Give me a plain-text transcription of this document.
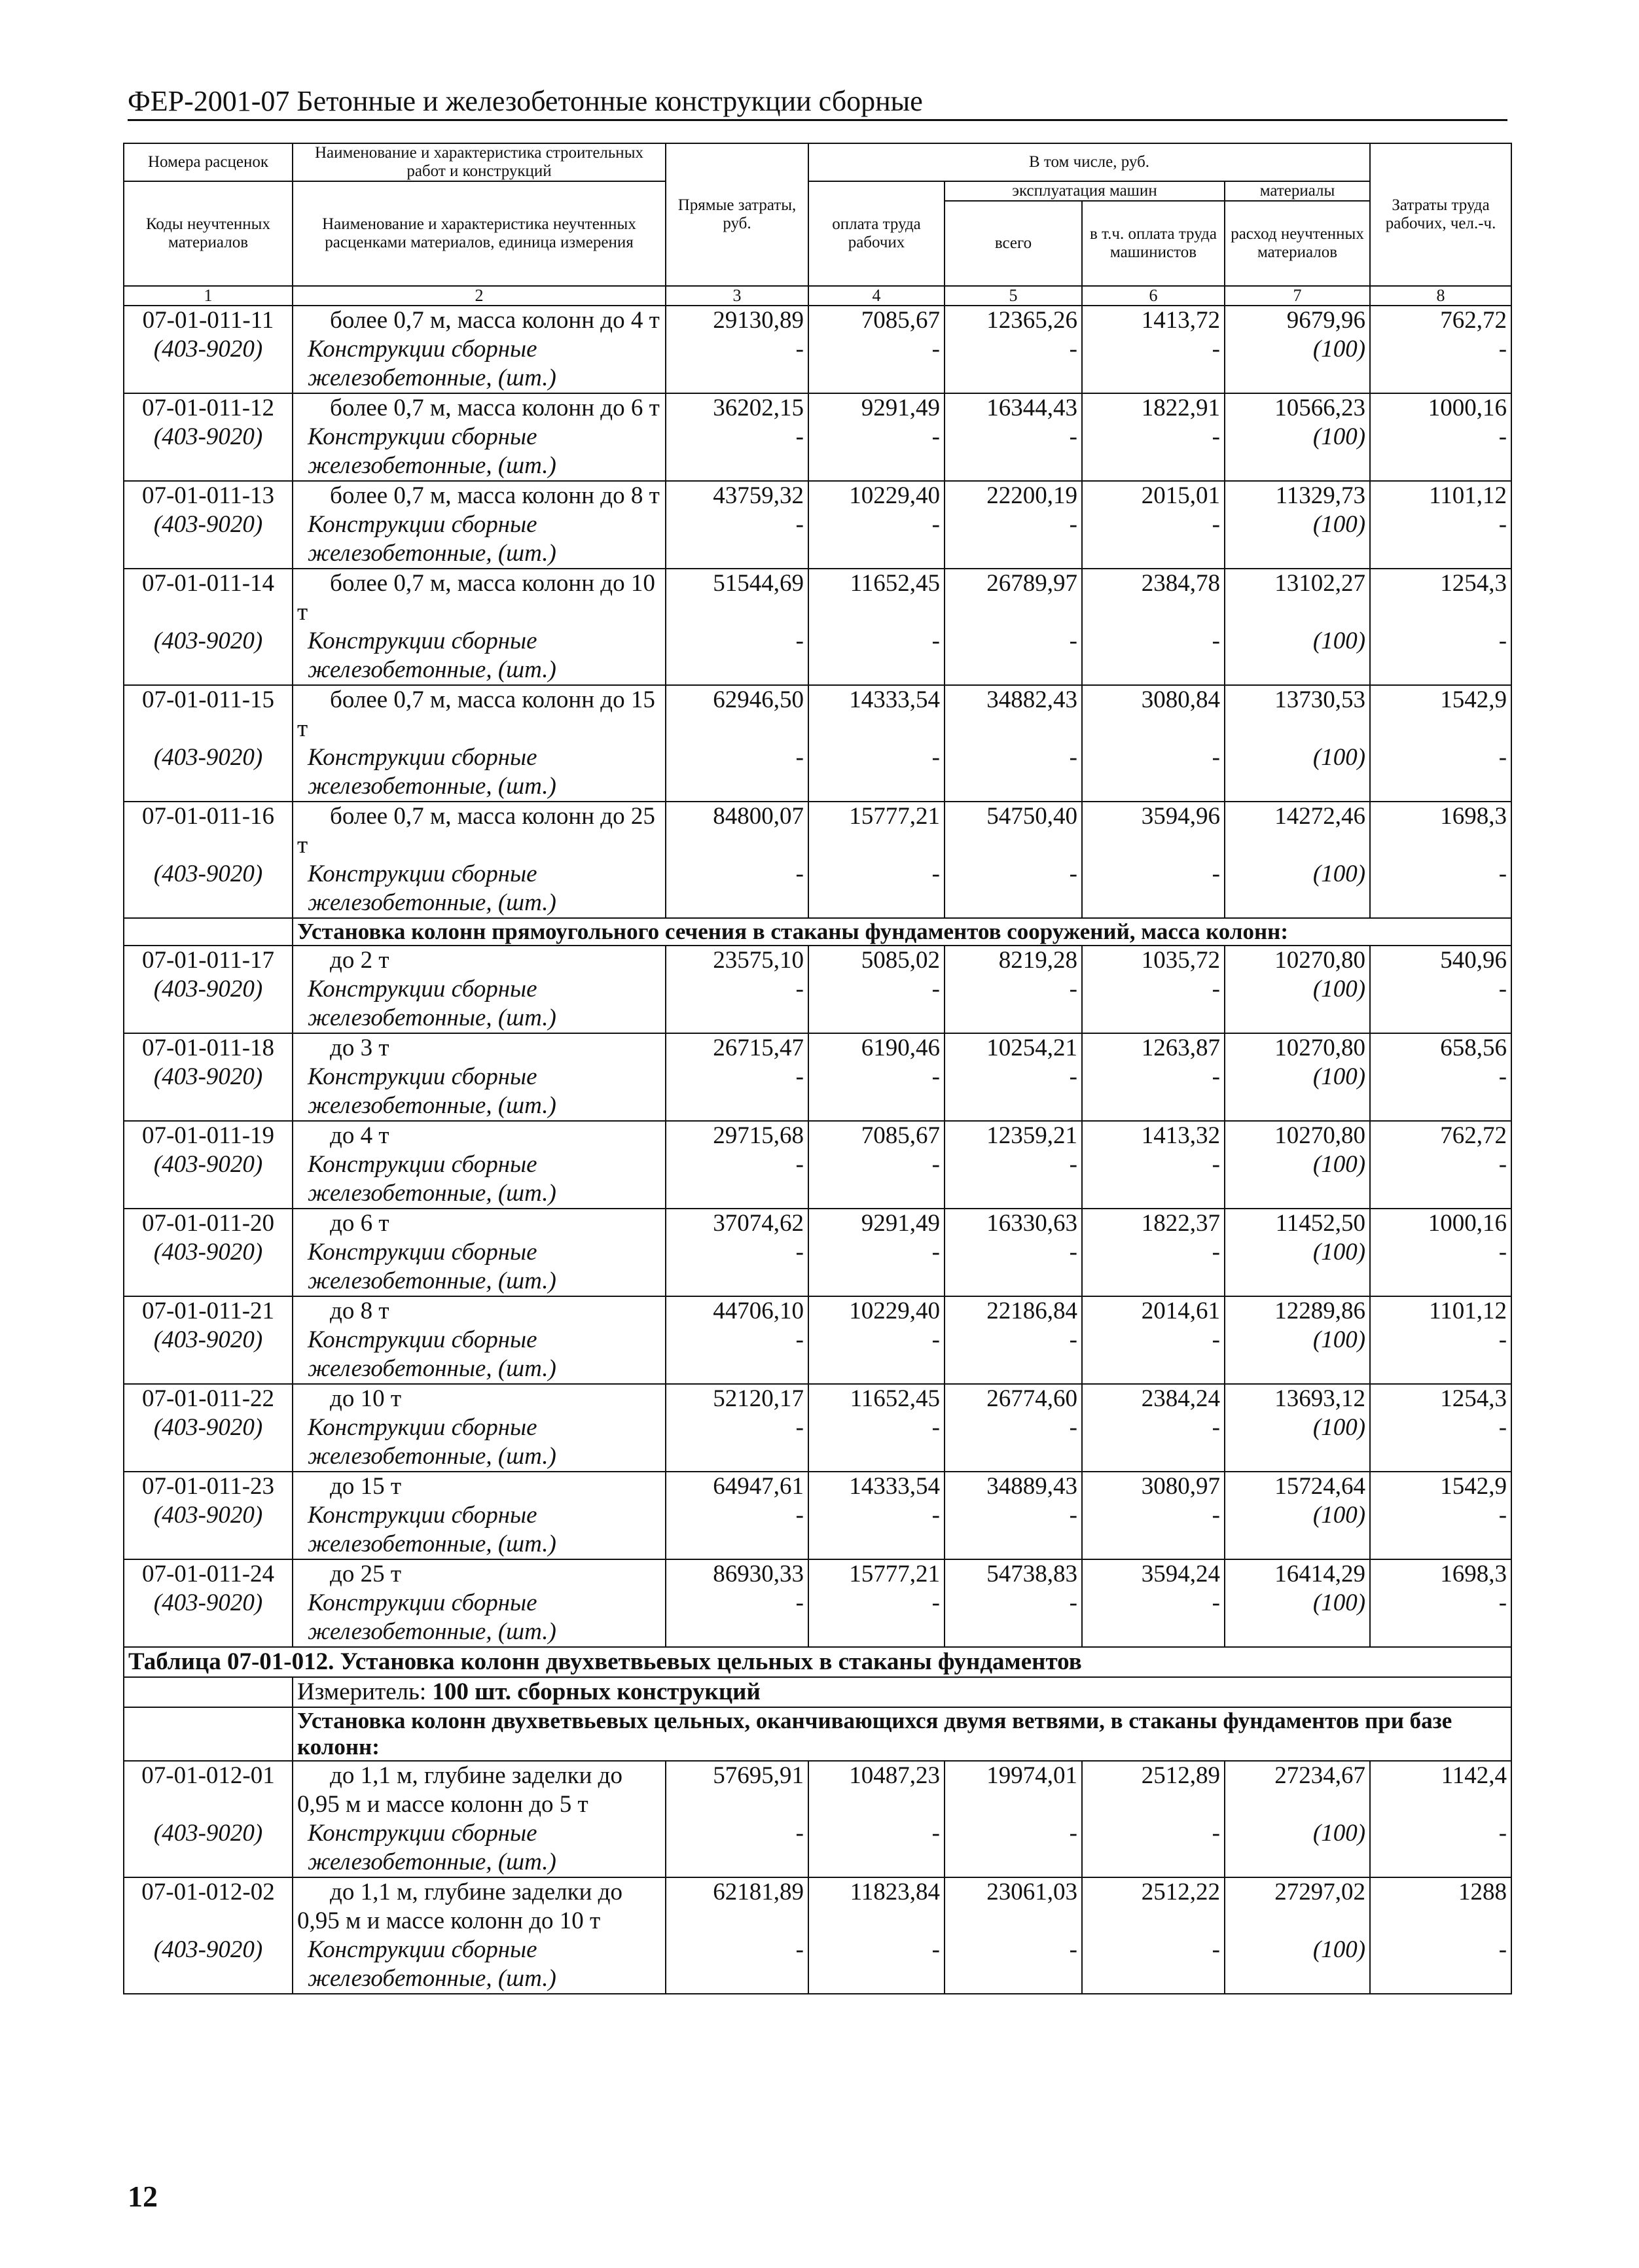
ФЕР-2001-07 Бетонные и железобетонные конструкции сборные
Номера расценок	Наименование и характеристика строительных работ и конструкций	Прямые затраты, руб.	В том числе, руб.				Затраты труда рабочих, чел.-ч.
Коды неучтенных материалов	Наименование и характеристика неучтенных расценками материалов, единица измерения		оплата труда рабочих	эксплуатация машин		материалы	
				всего	в т.ч. оплата труда машинистов	расход неучтенных материалов	
1	2	3	4	5	6	7	8
07-01-011-11	более 0,7 м, масса колонн до 4 т	29130,89	7085,67	12365,26	1413,72	9679,96	762,72
(403-9020)	Конструкции сборные железобетонные, (шт.)	-	-	-	-	(100)	-
07-01-011-12	более 0,7 м, масса колонн до 6 т	36202,15	9291,49	16344,43	1822,91	10566,23	1000,16
(403-9020)	Конструкции сборные железобетонные, (шт.)	-	-	-	-	(100)	-
07-01-011-13	более 0,7 м, масса колонн до 8 т	43759,32	10229,40	22200,19	2015,01	11329,73	1101,12
(403-9020)	Конструкции сборные железобетонные, (шт.)	-	-	-	-	(100)	-
07-01-011-14	более 0,7 м, масса колонн до 10 т	51544,69	11652,45	26789,97	2384,78	13102,27	1254,3
(403-9020)	Конструкции сборные железобетонные, (шт.)	-	-	-	-	(100)	-
07-01-011-15	более 0,7 м, масса колонн до 15 т	62946,50	14333,54	34882,43	3080,84	13730,53	1542,9
(403-9020)	Конструкции сборные железобетонные, (шт.)	-	-	-	-	(100)	-
07-01-011-16	более 0,7 м, масса колонн до 25 т	84800,07	15777,21	54750,40	3594,96	14272,46	1698,3
(403-9020)	Конструкции сборные железобетонные, (шт.)	-	-	-	-	(100)	-
	Установка колонн прямоугольного сечения в стаканы фундаментов сооружений, масса колонн:						
07-01-011-17	до 2 т	23575,10	5085,02	8219,28	1035,72	10270,80	540,96
(403-9020)	Конструкции сборные железобетонные, (шт.)	-	-	-	-	(100)	-
07-01-011-18	до 3 т	26715,47	6190,46	10254,21	1263,87	10270,80	658,56
(403-9020)	Конструкции сборные железобетонные, (шт.)	-	-	-	-	(100)	-
07-01-011-19	до 4 т	29715,68	7085,67	12359,21	1413,32	10270,80	762,72
(403-9020)	Конструкции сборные железобетонные, (шт.)	-	-	-	-	(100)	-
07-01-011-20	до 6 т	37074,62	9291,49	16330,63	1822,37	11452,50	1000,16
(403-9020)	Конструкции сборные железобетонные, (шт.)	-	-	-	-	(100)	-
07-01-011-21	до 8 т	44706,10	10229,40	22186,84	2014,61	12289,86	1101,12
(403-9020)	Конструкции сборные железобетонные, (шт.)	-	-	-	-	(100)	-
07-01-011-22	до 10 т	52120,17	11652,45	26774,60	2384,24	13693,12	1254,3
(403-9020)	Конструкции сборные железобетонные, (шт.)	-	-	-	-	(100)	-
07-01-011-23	до 15 т	64947,61	14333,54	34889,43	3080,97	15724,64	1542,9
(403-9020)	Конструкции сборные железобетонные, (шт.)	-	-	-	-	(100)	-
07-01-011-24	до 25 т	86930,33	15777,21	54738,83	3594,24	16414,29	1698,3
(403-9020)	Конструкции сборные железобетонные, (шт.)	-	-	-	-	(100)	-
Таблица 07-01-012. Установка колонн двухветвьевых цельных в стаканы фундаментов							
	Измеритель: 100 шт. сборных конструкций						
	Установка колонн двухветвьевых цельных, оканчивающихся двумя ветвями, в стаканы фундаментов при базе колонн:						
07-01-012-01	до 1,1 м, глубине заделки до 0,95 м и массе колонн до 5 т	57695,91	10487,23	19974,01	2512,89	27234,67	1142,4
(403-9020)	Конструкции сборные железобетонные, (шт.)	-	-	-	-	(100)	-
07-01-012-02	до 1,1 м, глубине заделки до 0,95 м и массе колонн до 10 т	62181,89	11823,84	23061,03	2512,22	27297,02	1288
(403-9020)	Конструкции сборные железобетонные, (шт.)	-	-	-	-	(100)	-
12
